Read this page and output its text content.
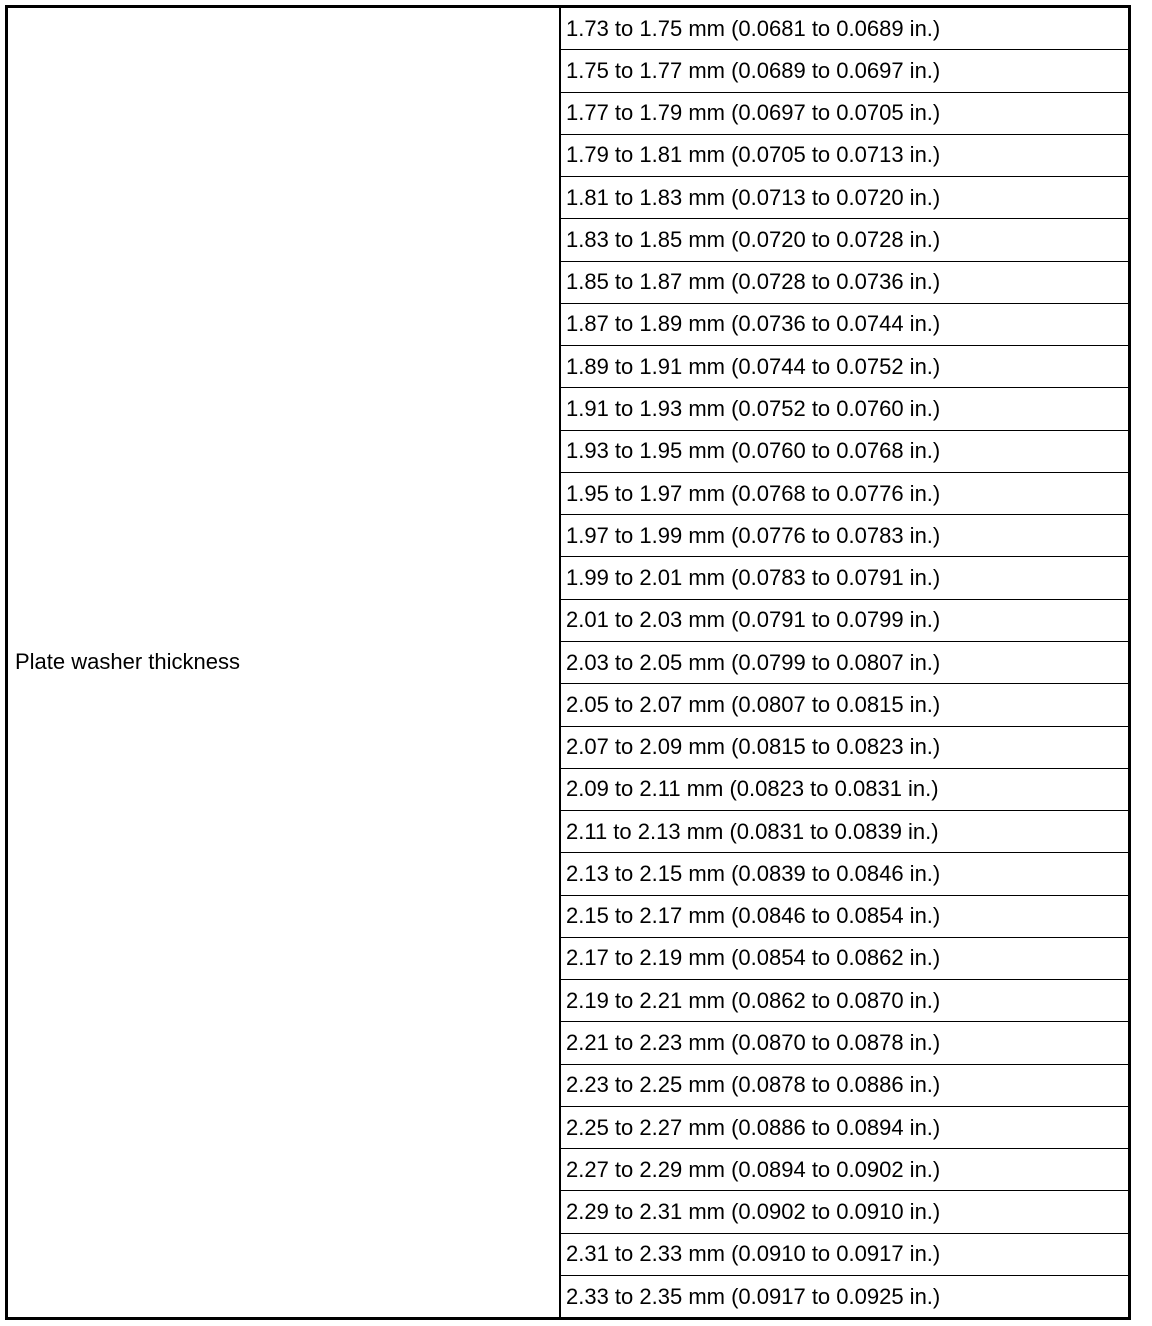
Plate washer thickness
1.73 to 1.75 mm (0.0681 to 0.0689 in.)
1.75 to 1.77 mm (0.0689 to 0.0697 in.)
1.77 to 1.79 mm (0.0697 to 0.0705 in.)
1.79 to 1.81 mm (0.0705 to 0.0713 in.)
1.81 to 1.83 mm (0.0713 to 0.0720 in.)
1.83 to 1.85 mm (0.0720 to 0.0728 in.)
1.85 to 1.87 mm (0.0728 to 0.0736 in.)
1.87 to 1.89 mm (0.0736 to 0.0744 in.)
1.89 to 1.91 mm (0.0744 to 0.0752 in.)
1.91 to 1.93 mm (0.0752 to 0.0760 in.)
1.93 to 1.95 mm (0.0760 to 0.0768 in.)
1.95 to 1.97 mm (0.0768 to 0.0776 in.)
1.97 to 1.99 mm (0.0776 to 0.0783 in.)
1.99 to 2.01 mm (0.0783 to 0.0791 in.)
2.01 to 2.03 mm (0.0791 to 0.0799 in.)
2.03 to 2.05 mm (0.0799 to 0.0807 in.)
2.05 to 2.07 mm (0.0807 to 0.0815 in.)
2.07 to 2.09 mm (0.0815 to 0.0823 in.)
2.09 to 2.11 mm (0.0823 to 0.0831 in.)
2.11 to 2.13 mm (0.0831 to 0.0839 in.)
2.13 to 2.15 mm (0.0839 to 0.0846 in.)
2.15 to 2.17 mm (0.0846 to 0.0854 in.)
2.17 to 2.19 mm (0.0854 to 0.0862 in.)
2.19 to 2.21 mm (0.0862 to 0.0870 in.)
2.21 to 2.23 mm (0.0870 to 0.0878 in.)
2.23 to 2.25 mm (0.0878 to 0.0886 in.)
2.25 to 2.27 mm (0.0886 to 0.0894 in.)
2.27 to 2.29 mm (0.0894 to 0.0902 in.)
2.29 to 2.31 mm (0.0902 to 0.0910 in.)
2.31 to 2.33 mm (0.0910 to 0.0917 in.)
2.33 to 2.35 mm (0.0917 to 0.0925 in.)
